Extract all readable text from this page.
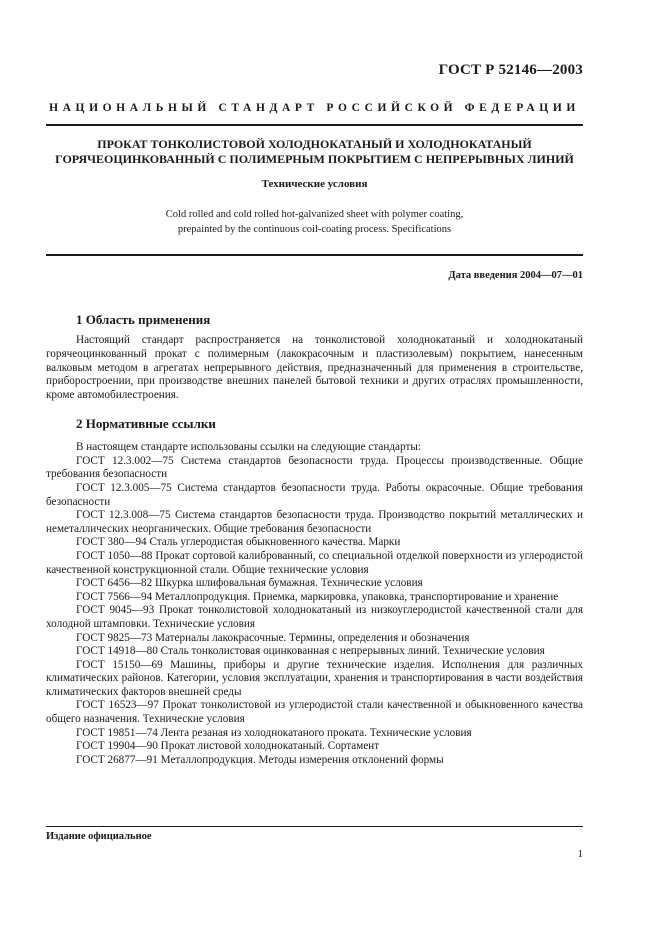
ГОСТ Р 52146—2003
НАЦИОНАЛЬНЫЙ СТАНДАРТ РОССИЙСКОЙ ФЕДЕРАЦИИ
ПРОКАТ ТОНКОЛИСТОВОЙ ХОЛОДНОКАТАНЫЙ И ХОЛОДНОКАТАНЫЙ
ГОРЯЧЕОЦИНКОВАННЫЙ С ПОЛИМЕРНЫМ ПОКРЫТИЕМ С НЕПРЕРЫВНЫХ ЛИНИЙ
Технические условия
Cold rolled and cold rolled hot-galvanized sheet with polymer coating,
prepainted by the continuous coil-coating process. Specifications
Дата введения 2004—07—01
1 Область применения
Настоящий стандарт распространяется на тонколистовой холоднокатаный и холоднокатаный горячеоцинкованный прокат с полимерным (лакокрасочным и пластизолевым) покрытием, нанесенным валковым методом в агрегатах непрерывного действия, предназначенный для применения в строительстве, приборостроении, при производстве внешних панелей бытовой техники и других отраслях промышленности, кроме автомобилестроения.
2 Нормативные ссылки
В настоящем стандарте использованы ссылки на следующие стандарты:
ГОСТ 12.3.002—75 Система стандартов безопасности труда. Процессы производственные. Общие требования безопасности
ГОСТ 12.3.005—75 Система стандартов безопасности труда. Работы окрасочные. Общие требования безопасности
ГОСТ 12.3.008—75 Система стандартов безопасности труда. Производство покрытий металлических и неметаллических неорганических. Общие требования безопасности
ГОСТ 380—94 Сталь углеродистая обыкновенного качества. Марки
ГОСТ 1050—88 Прокат сортовой калиброванный, со специальной отделкой поверхности из углеродистой качественной конструкционной стали. Общие технические условия
ГОСТ 6456—82 Шкурка шлифовальная бумажная. Технические условия
ГОСТ 7566—94 Металлопродукция. Приемка, маркировка, упаковка, транспортирование и хранение
ГОСТ 9045—93 Прокат тонколистовой холоднокатаный из низкоуглеродистой качественной стали для холодной штамповки. Технические условия
ГОСТ 9825—73 Материалы лакокрасочные. Термины, определения и обозначения
ГОСТ 14918—80 Сталь тонколистовая оцинкованная с непрерывных линий. Технические условия
ГОСТ 15150—69 Машины, приборы и другие технические изделия. Исполнения для различных климатических районов. Категории, условия эксплуатации, хранения и транспортирования в части воздействия климатических факторов внешней среды
ГОСТ 16523—97 Прокат тонколистовой из углеродистой стали качественной и обыкновенного качества общего назначения. Технические условия
ГОСТ 19851—74 Лента резаная из холоднокатаного проката. Технические условия
ГОСТ 19904—90 Прокат листовой холоднокатаный. Сортамент
ГОСТ 26877—91 Металлопродукция. Методы измерения отклонений формы
Издание официальное
1
